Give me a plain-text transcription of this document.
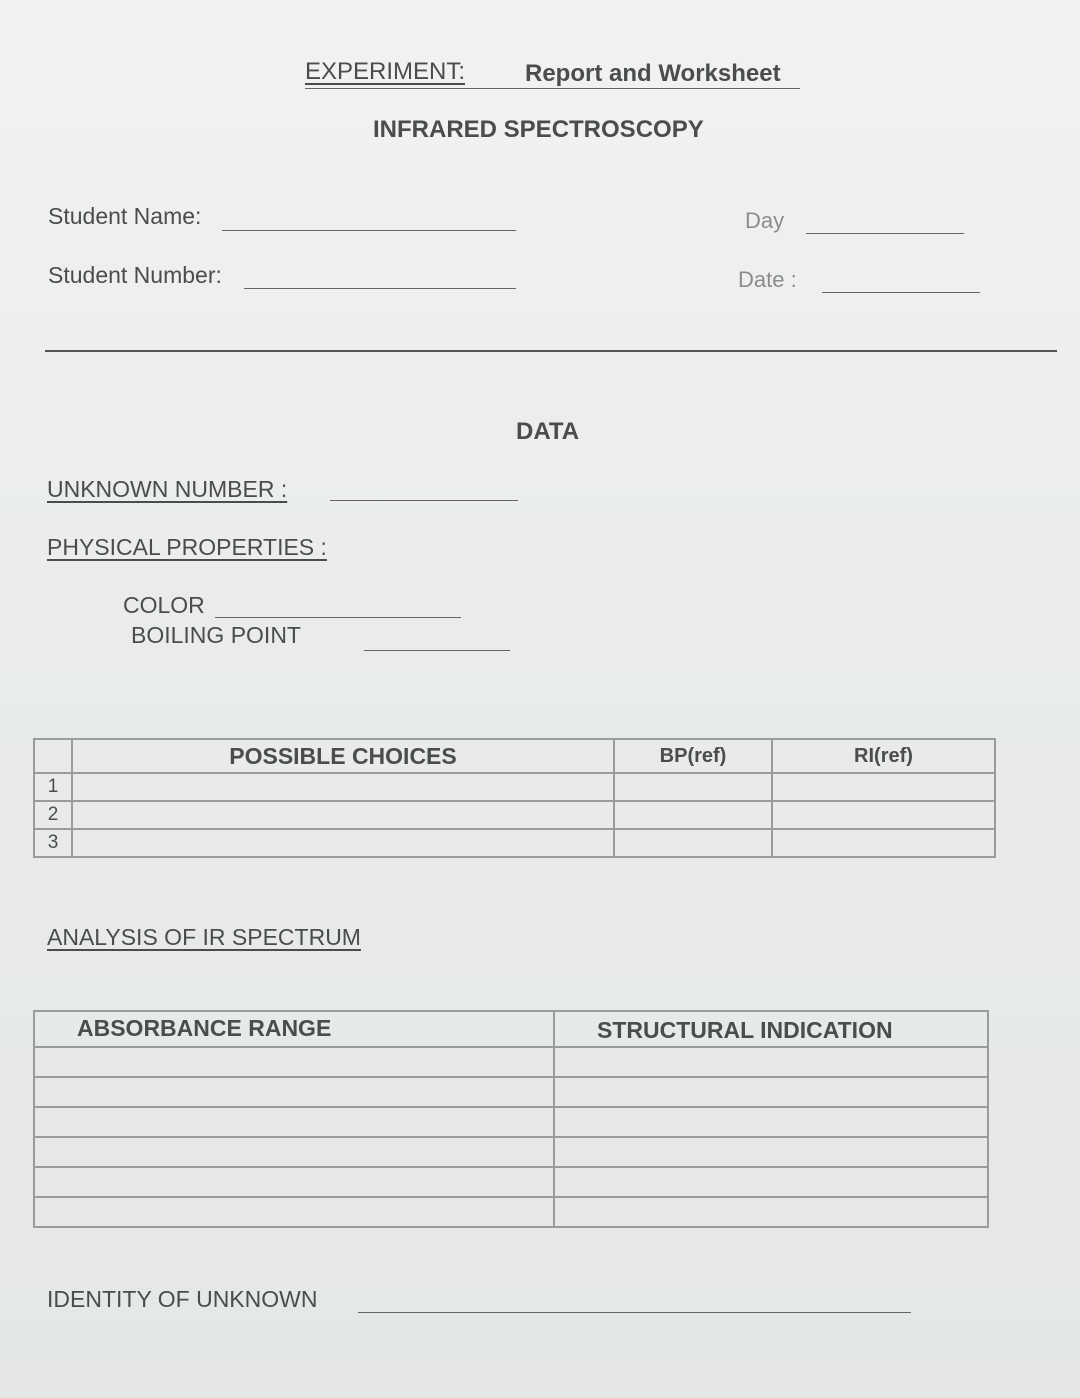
EXPERIMENT: Report and Worksheet
INFRARED SPECTROSCOPY
Student Name:	Day
Student Number:	Date :
DATA
UNKNOWN NUMBER :
PHYSICAL PROPERTIES :
COLOR
BOILING POINT
	POSSIBLE CHOICES	BP(ref)	RI(ref)
1			
2			
3			
ANALYSIS OF IR SPECTRUM
ABSORBANCE RANGE	STRUCTURAL INDICATION

IDENTITY OF UNKNOWN
